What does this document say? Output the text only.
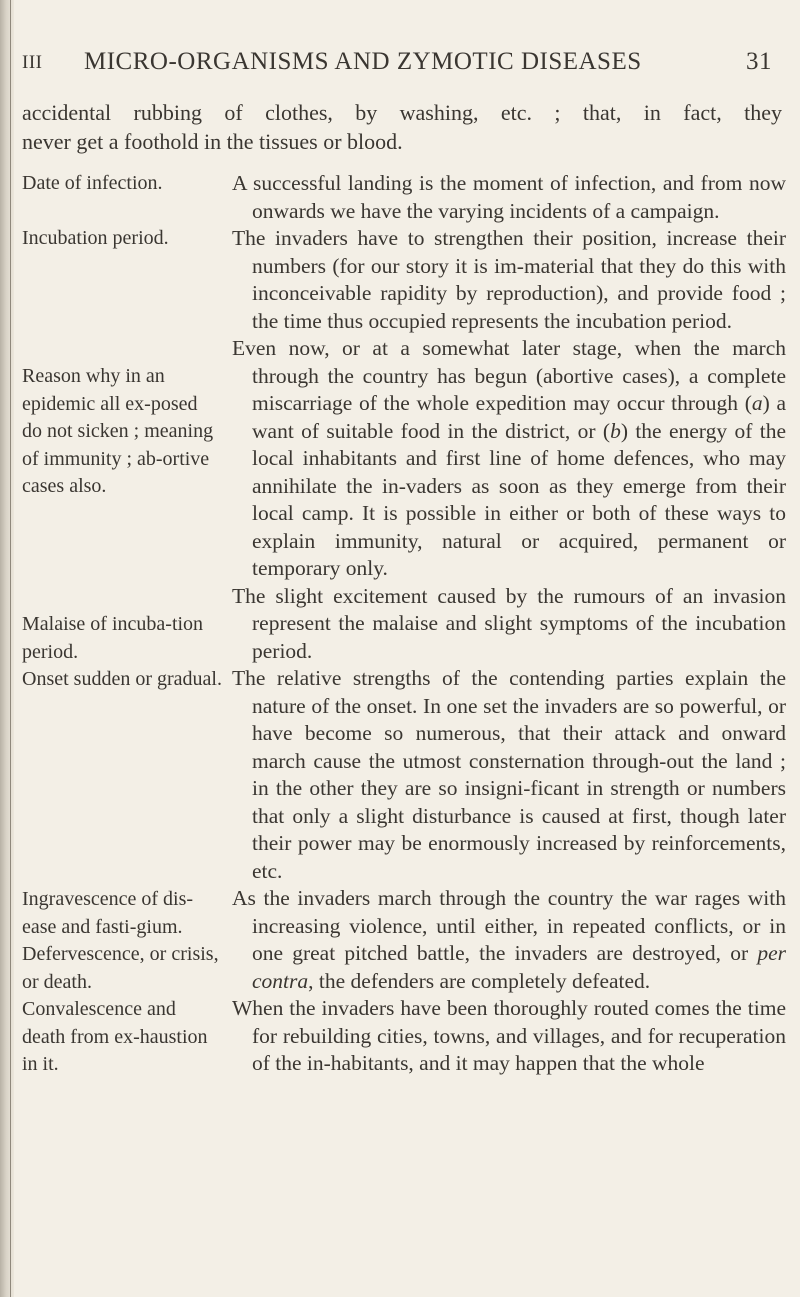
III MICRO-ORGANISMS AND ZYMOTIC DISEASES	31

accidental rubbing of clothes, by washing, etc. ; that, in fact, they

never get a foothold in the tissues or blood.

Date of infection.

Incubation period.

Reason why in an epidemic all ex-posed do not sicken ; meaning of immunity ; ab-ortive cases also.

Malaise of incuba-tion period.

Onset sudden or gradual.

Ingravescence of dis-ease and fasti-gium.

Defervescence, or crisis, or death.

Convalescence and death from ex-haustion in it.

A successful landing is the moment of infection, and from now onwards we have the varying incidents of a campaign.

The invaders have to strengthen their position, increase their numbers (for our story it is im-material that they do this with inconceivable rapidity by reproduction), and provide food ; the time thus occupied represents the incubation period.

Even now, or at a somewhat later stage, when the march through the country has begun (abortive cases), a complete miscarriage of the whole expedition may occur through (a) a want of suitable food in the district, or (b) the energy of the local inhabitants and first line of home defences, who may annihilate the in-vaders as soon as they emerge from their local camp. It is possible in either or both of these ways to explain immunity, natural or acquired, permanent or temporary only.

The slight excitement caused by the rumours of an invasion represent the malaise and slight symptoms of the incubation period.

The relative strengths of the contending parties explain the nature of the onset. In one set the invaders are so powerful, or have become so numerous, that their attack and onward march cause the utmost consternation through-out the land ; in the other they are so insigni-ficant in strength or numbers that only a slight disturbance is caused at first, though later their power may be enormously increased by reinforcements, etc.

As the invaders march through the country the war rages with increasing violence, until either, in repeated conflicts, or in one great pitched battle, the invaders are destroyed, or per contra, the defenders are completely defeated.

When the invaders have been thoroughly routed comes the time for rebuilding cities, towns, and villages, and for recuperation of the in-habitants, and it may happen that the whole
